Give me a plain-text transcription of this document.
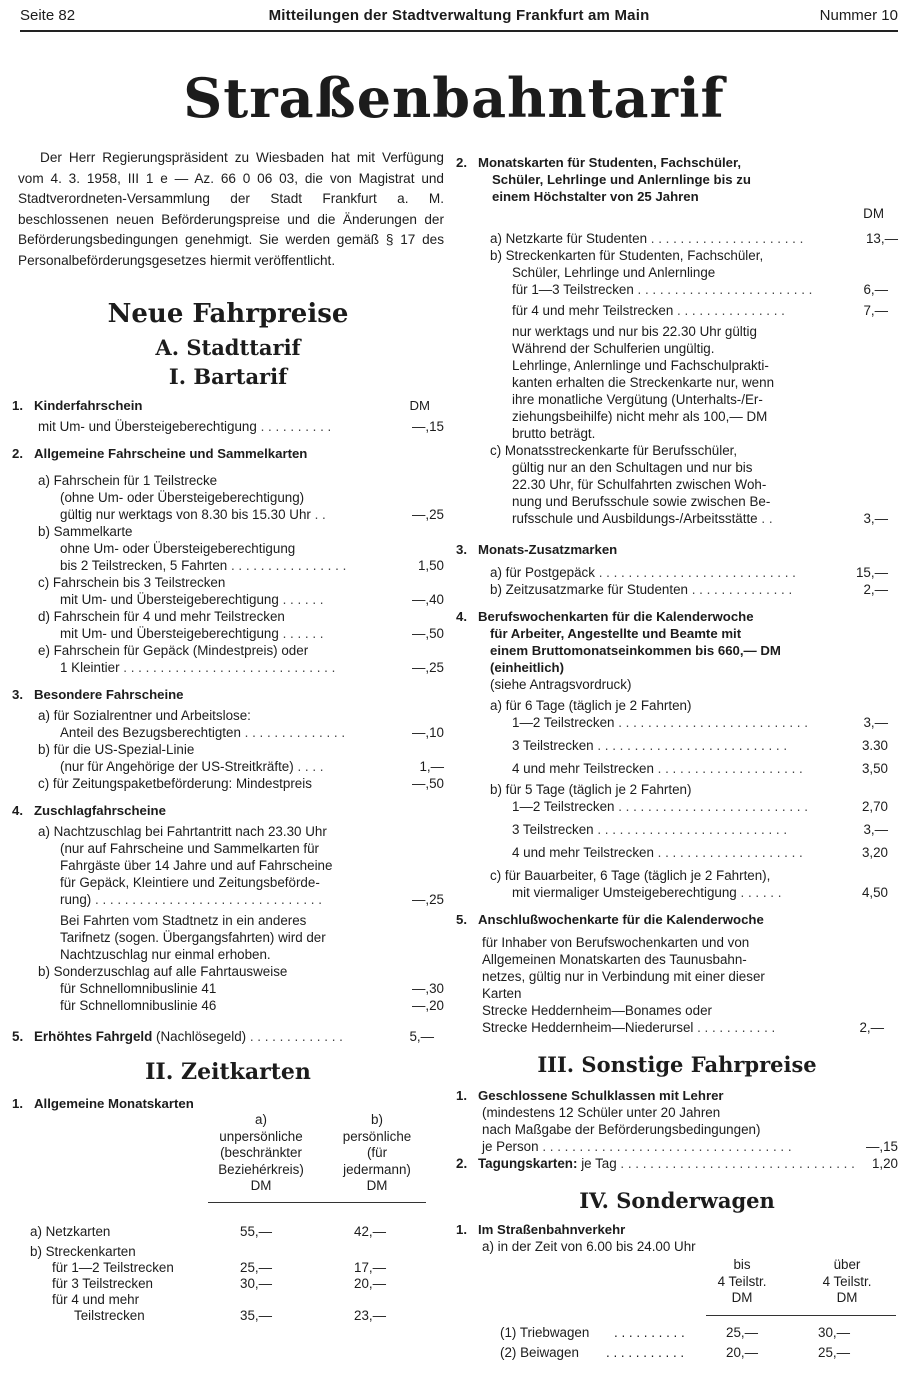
Seite 82	Mitteilungen der Stadtverwaltung Frankfurt am Main	Nummer 10
Straßenbahntarif

Der Herr Regierungspräsident zu Wiesbaden hat mit Verfügung vom 4. 3. 1958, III 1 e — Az. 66 0 06 03, die von Magistrat und Stadtverordneten-Versammlung der Stadt Frankfurt a. M. beschlossenen neuen Beförderungspreise und die Änderungen der Beförderungsbedingungen genehmigt. Sie werden gemäß § 17 des Personalbeförderungsgesetzes hiermit veröffentlicht.

Neue Fahrpreise
A. Stadttarif
I. Bartarif
1. Kinderfahrschein	DM
mit Um- und Übersteigeberechtigung . . . . . . . . . .	—,15
2. Allgemeine Fahrscheine und Sammelkarten
a) Fahrschein für 1 Teilstrecke
(ohne Um- oder Übersteigeberechtigung)
gültig nur werktags von 8.30 bis 15.30 Uhr . .	—,25
b) Sammelkarte
ohne Um- oder Übersteigeberechtigung
bis 2 Teilstrecken, 5 Fahrten . . . . . . . . . . . . . . . .	1,50
c) Fahrschein bis 3 Teilstrecken
mit Um- und Übersteigeberechtigung . . . . . .	—,40
d) Fahrschein für 4 und mehr Teilstrecken
mit Um- und Übersteigeberechtigung . . . . . .	—,50
e) Fahrschein für Gepäck (Mindestpreis) oder
1 Kleintier . . . . . . . . . . . . . . . . . . . . . . . . . . . . .	—,25
3. Besondere Fahrscheine
a) für Sozialrentner und Arbeitslose:
Anteil des Bezugsberechtigten . . . . . . . . . . . . . .	—,10
b) für die US-Spezial-Linie
(nur für Angehörige der US-Streitkräfte) . . . .	1,—
c) für Zeitungspaketbeförderung: Mindestpreis	—,50
4. Zuschlagfahrscheine
a) Nachtzuschlag bei Fahrtantritt nach 23.30 Uhr
(nur auf Fahrscheine und Sammelkarten für
Fahrgäste über 14 Jahre und auf Fahrscheine
für Gepäck, Kleintiere und Zeitungsbeförde-
rung) . . . . . . . . . . . . . . . . . . . . . . . . . . . . . . .	—,25
Bei Fahrten vom Stadtnetz in ein anderes
Tarifnetz (sogen. Übergangsfahrten) wird der
Nachtzuschlag nur einmal erhoben.
b) Sonderzuschlag auf alle Fahrtausweise
für Schnellomnibuslinie 41	—,30
für Schnellomnibuslinie 46	—,20
5. Erhöhtes Fahrgeld (Nachlösegeld) . . . . . . . . . . . . .	5,—
II. Zeitkarten
1. Allgemeine Monatskarten
a)
unpersönliche
(beschränkter
Beziehérkreis)
DM
b)
persönliche
(für
jedermann)
DM
a) Netzkarten	55,—	42,—
b) Streckenkarten
für 1—2 Teilstrecken	25,—	17,—
für 3 Teilstrecken	30,—	20,—
für 4 und mehr
Teilstrecken	35,—	23,—
2. Monatskarten für Studenten, Fachschüler,
Schüler, Lehrlinge und Anlernlinge bis zu
einem Höchstalter von 25 Jahren
DM

a) Netzkarte für Studenten . . . . . . . . . . . . . . . . . . . . .	13,—
b) Streckenkarten für Studenten, Fachschüler,
Schüler, Lehrlinge und Anlernlinge
für 1—3 Teilstrecken . . . . . . . . . . . . . . . . . . . . . . . .	6,—
für 4 und mehr Teilstrecken . . . . . . . . . . . . . . .	7,—
nur werktags und nur bis 22.30 Uhr gültig
Während der Schulferien ungültig.
Lehrlinge, Anlernlinge und Fachschulprakti-
kanten erhalten die Streckenkarte nur, wenn
ihre monatliche Vergütung (Unterhalts-/Er-
ziehungsbeihilfe) nicht mehr als 100,— DM
brutto beträgt.
c) Monatsstreckenkarte für Berufsschüler,
gültig nur an den Schultagen und nur bis
22.30 Uhr, für Schulfahrten zwischen Woh-
nung und Berufsschule sowie zwischen Be-
rufsschule und Ausbildungs-/Arbeitsstätte . .	3,—
3. Monats-Zusatzmarken
a) für Postgepäck . . . . . . . . . . . . . . . . . . . . . . . . . . .	15,—
b) Zeitzusatzmarke für Studenten . . . . . . . . . . . . . .	2,—
4. Berufswochenkarten für die Kalenderwoche
für Arbeiter, Angestellte und Beamte mit
einem Bruttomonatseinkommen bis 660,— DM
(einheitlich)
(siehe Antragsvordruck)
a) für 6 Tage (täglich je 2 Fahrten)
1—2 Teilstrecken . . . . . . . . . . . . . . . . . . . . . . . . . .	3,—
3 Teilstrecken . . . . . . . . . . . . . . . . . . . . . . . . . .	3.30
4 und mehr Teilstrecken . . . . . . . . . . . . . . . . . . . .	3,50
b) für 5 Tage (täglich je 2 Fahrten)
1—2 Teilstrecken . . . . . . . . . . . . . . . . . . . . . . . . . .	2,70
3 Teilstrecken . . . . . . . . . . . . . . . . . . . . . . . . . .	3,—
4 und mehr Teilstrecken . . . . . . . . . . . . . . . . . . . .	3,20
c) für Bauarbeiter, 6 Tage (täglich je 2 Fahrten),
mit viermaliger Umsteigeberechtigung . . . . . .	4,50
5. Anschlußwochenkarte für die Kalenderwoche
für Inhaber von Berufswochenkarten und von
Allgemeinen Monatskarten des Taunusbahn-
netzes, gültig nur in Verbindung mit einer dieser
Karten
Strecke Heddernheim—Bonames oder
Strecke Heddernheim—Niederursel . . . . . . . . . . .	2,—
III. Sonstige Fahrpreise
1. Geschlossene Schulklassen mit Lehrer
(mindestens 12 Schüler unter 20 Jahren
nach Maßgabe der Beförderungsbedingungen)
je Person . . . . . . . . . . . . . . . . . . . . . . . . . . . . . . . . . .	—,15
2. Tagungskarten: je Tag . . . . . . . . . . . . . . . . . . . . . . . . . . . . . . . . 1,20
IV. Sonderwagen
1. Im Straßenbahnverkehr
a) in der Zeit von 6.00 bis 24.00 Uhr
bis
4 Teilstr.
DM
über
4 Teilstr.
DM
(1) Triebwagen . . . . . . . . . .	25,—	30,—
(2) Beiwagen . . . . . . . . . . .	20,—	25,—
